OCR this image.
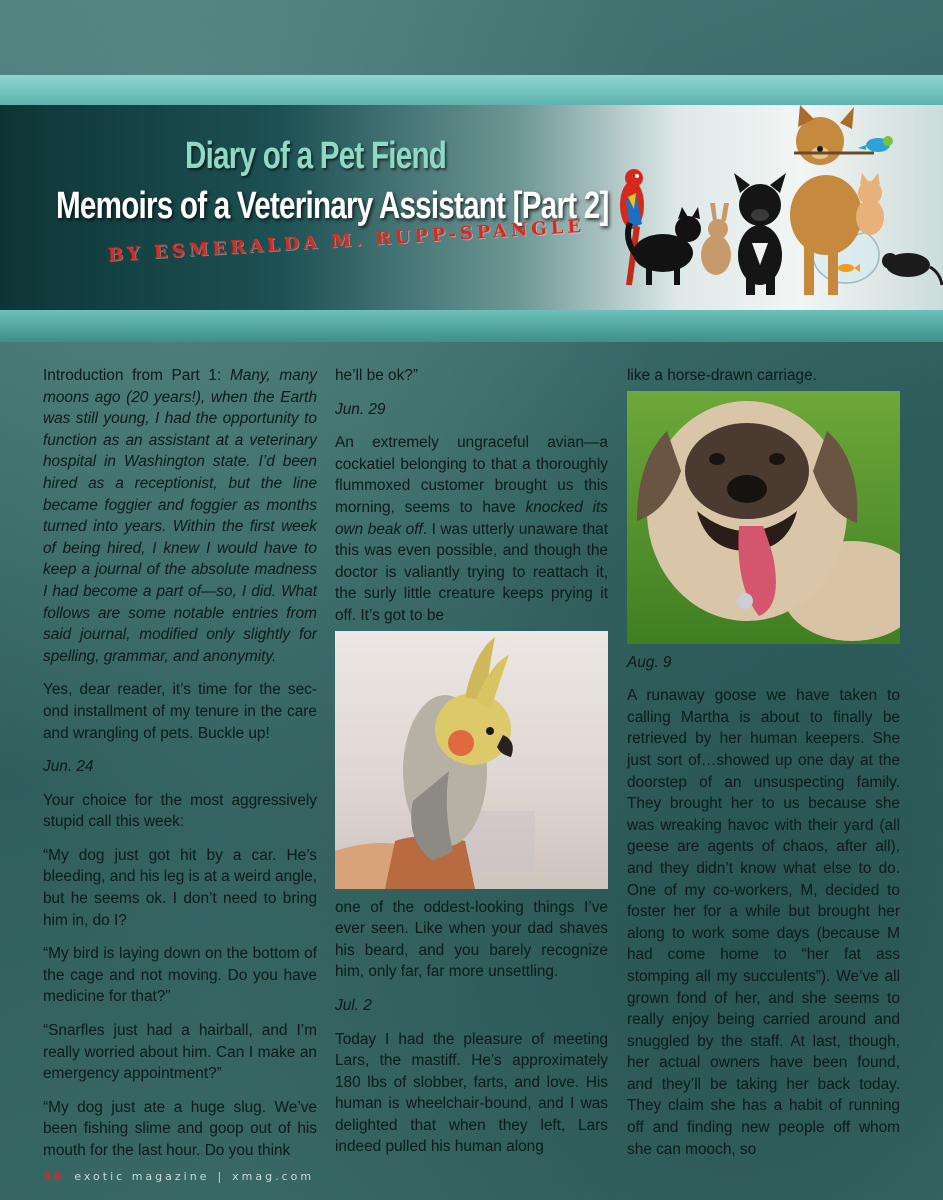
Diary of a Pet Fiend
Memoirs of a Veterinary Assistant [Part 2]
BY ESMERALDA M. RUPP-SPANGLE

Introduction from Part 1: Many, many moons ago (20 years!), when the Earth was still young, I had the opportunity to function as an assistant at a veterinary hospital in Washington state. I’d been hired as a receptionist, but the line became foggier and foggier as months turned into years. Within the first week of being hired, I knew I would have to keep a journal of the absolute madness I had become a part of—so, I did. What follows are some notable entries from said journal, modified only slightly for spelling, grammar, and anonymity.

Yes, dear reader, it’s time for the second installment of my tenure in the care and wrangling of pets. Buckle up!

Jun. 24

Your choice for the most aggressively stupid call this week:

“My dog just got hit by a car. He’s bleeding, and his leg is at a weird angle, but he seems ok. I don’t need to bring him in, do I?

“My bird is laying down on the bottom of the cage and not moving. Do you have medicine for that?”

“Snarfles just had a hairball, and I’m really worried about him. Can I make an emergency appointment?”

“My dog just ate a huge slug. We’ve been fishing slime and goop out of his mouth for the last hour. Do you think

he’ll be ok?”

Jun. 29

An extremely ungraceful avian—a cockatiel belonging to that a thoroughly flummoxed customer brought us this morning, seems to have knocked its own beak off. I was utterly unaware that this was even possible, and though the doctor is valiantly trying to reattach it, the surly little creature keeps prying it off. It’s got to be

one of the oddest-looking things I’ve ever seen. Like when your dad shaves his beard, and you barely recognize him, only far, far more unsettling.

Jul. 2

Today I had the pleasure of meeting Lars, the mastiff. He’s approximately 180 lbs of slobber, farts, and love. His human is wheelchair-bound, and I was delighted that when they left, Lars indeed pulled his human along

like a horse-drawn carriage.

Aug. 9

A runaway goose we have taken to calling Martha is about to finally be retrieved by her human keepers. She just sort of…showed up one day at the doorstep of an unsuspecting family. They brought her to us because she was wreaking havoc with their yard (all geese are agents of chaos, after all), and they didn’t know what else to do. One of my co-workers, M, decided to foster her for a while but brought her along to work some days (because M had come home to “her fat ass stomping all my succulents”). We’ve all grown fond of her, and she seems to really enjoy being carried around and snuggled by the staff. At last, though, her actual owners have been found, and they’ll be taking her back today. They claim she has a habit of running off and finding new people off whom she can mooch, so

36 exotic magazine | xmag.com
